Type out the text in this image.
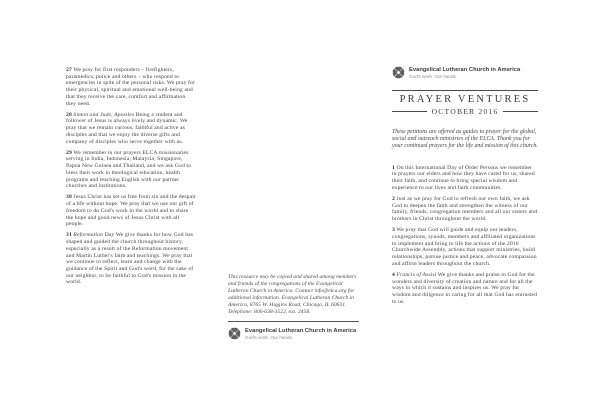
27 We pray for first responders – firefighters, paramedics, police and others – who respond to emergencies in spite of the personal risks. We pray for their physical, spiritual and emotional well-being and that they receive the care, comfort and affirmation they need.

28 Simon and Jude, Apostles Being a student and follower of Jesus is always lively and dynamic. We pray that we remain curious, faithful and active as disciples and that we enjoy the diverse gifts and company of disciples who serve together with us.

29 We remember in our prayers ELCA missionaries serving in India, Indonesia, Malaysia, Singapore, Papua New Guinea and Thailand, and we ask God to bless their work in theological education, health programs and teaching English with our partner churches and institutions.

30 Jesus Christ has set us free from sin and the despair of a life without hope. We pray that we use our gift of freedom to do God's work in the world and to share the hope and good news of Jesus Christ with all people.

31 Reformation Day We give thanks for how God has shaped and guided the church throughout history, especially as a result of the Reformation movement and Martin Luther's faith and teachings. We pray that we continue to reflect, learn and change with the guidance of the Spirit and God's word, for the sake of our neighbor, to be faithful to God's mission in the world.

This resource may be copied and shared among members and friends of the congregations of the Evangelical Lutheran Church in America. Contact info@elca.org for additional information. Evangelical Lutheran Church in America, 8765 W. Higgins Road, Chicago, IL 60631. Telephone: 800-638-3522, ext. 2458.

Evangelical Lutheran Church in America
God's work. Our hands.
Evangelical Lutheran Church in America
God's work. Our hands.
PRAYER VENTURES
OCTOBER 2016

These petitions are offered as guides to prayer for the global, social and outreach ministries of the ELCA. Thank you for your continued prayers for the life and mission of this church.

1 On this International Day of Older Persons we remember in prayers our elders and how they have cared for us, shared their faith, and continue to bring special wisdom and experience to our lives and faith communities.

2 Just as we pray for God to refresh our own faith, we ask God to deepen the faith and strengthen the witness of our family, friends, congregation members and all our sisters and brothers in Christ throughout the world.

3 We pray that God will guide and equip our leaders, congregations, synods, members and affiliated organizations to implement and bring to life the actions of the 2016 Churchwide Assembly, actions that support ministries, build relationships, pursue justice and peace, advocate compassion and affirm leaders throughout the church.

4 Francis of Assisi We give thanks and praise to God for the wonders and diversity of creation and nature and for all the ways in which it sustains and inspires us. We pray for wisdom and diligence in caring for all that God has entrusted to us.
